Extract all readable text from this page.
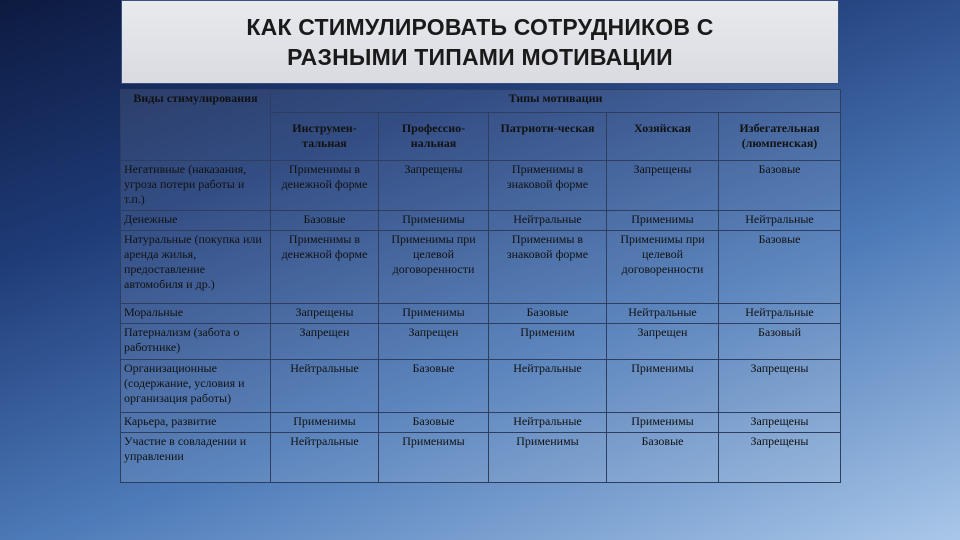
КАК СТИМУЛИРОВАТЬ СОТРУДНИКОВ С
РАЗНЫМИ ТИПАМИ МОТИВАЦИИ
Виды стимулирования	Типы мотивации				
	Инструмен-тальная	Профессио-нальная	Патриоти-ческая	Хозяйская	Избегательная (люмпенская)
Негативные (наказания, угроза потери работы и т.п.)	Применимы в денежной форме	Запрещены	Применимы в знаковой форме	Запрещены	Базовые
Денежные	Базовые	Применимы	Нейтральные	Применимы	Нейтральные
Натуральные (покупка или аренда жилья, предоставление автомобиля и др.)	Применимы в денежной форме	Применимы при целевой договоренности	Применимы в знаковой форме	Применимы при целевой договоренности	Базовые
Моральные	Запрещены	Применимы	Базовые	Нейтральные	Нейтральные
Патернализм (забота о работнике)	Запрещен	Запрещен	Применим	Запрещен	Базовый
Организационные (содержание, условия и организация работы)	Нейтральные	Базовые	Нейтральные	Применимы	Запрещены
Карьера, развитие	Применимы	Базовые	Нейтральные	Применимы	Запрещены
Участие в совладении и управлении	Нейтральные	Применимы	Применимы	Базовые	Запрещены
